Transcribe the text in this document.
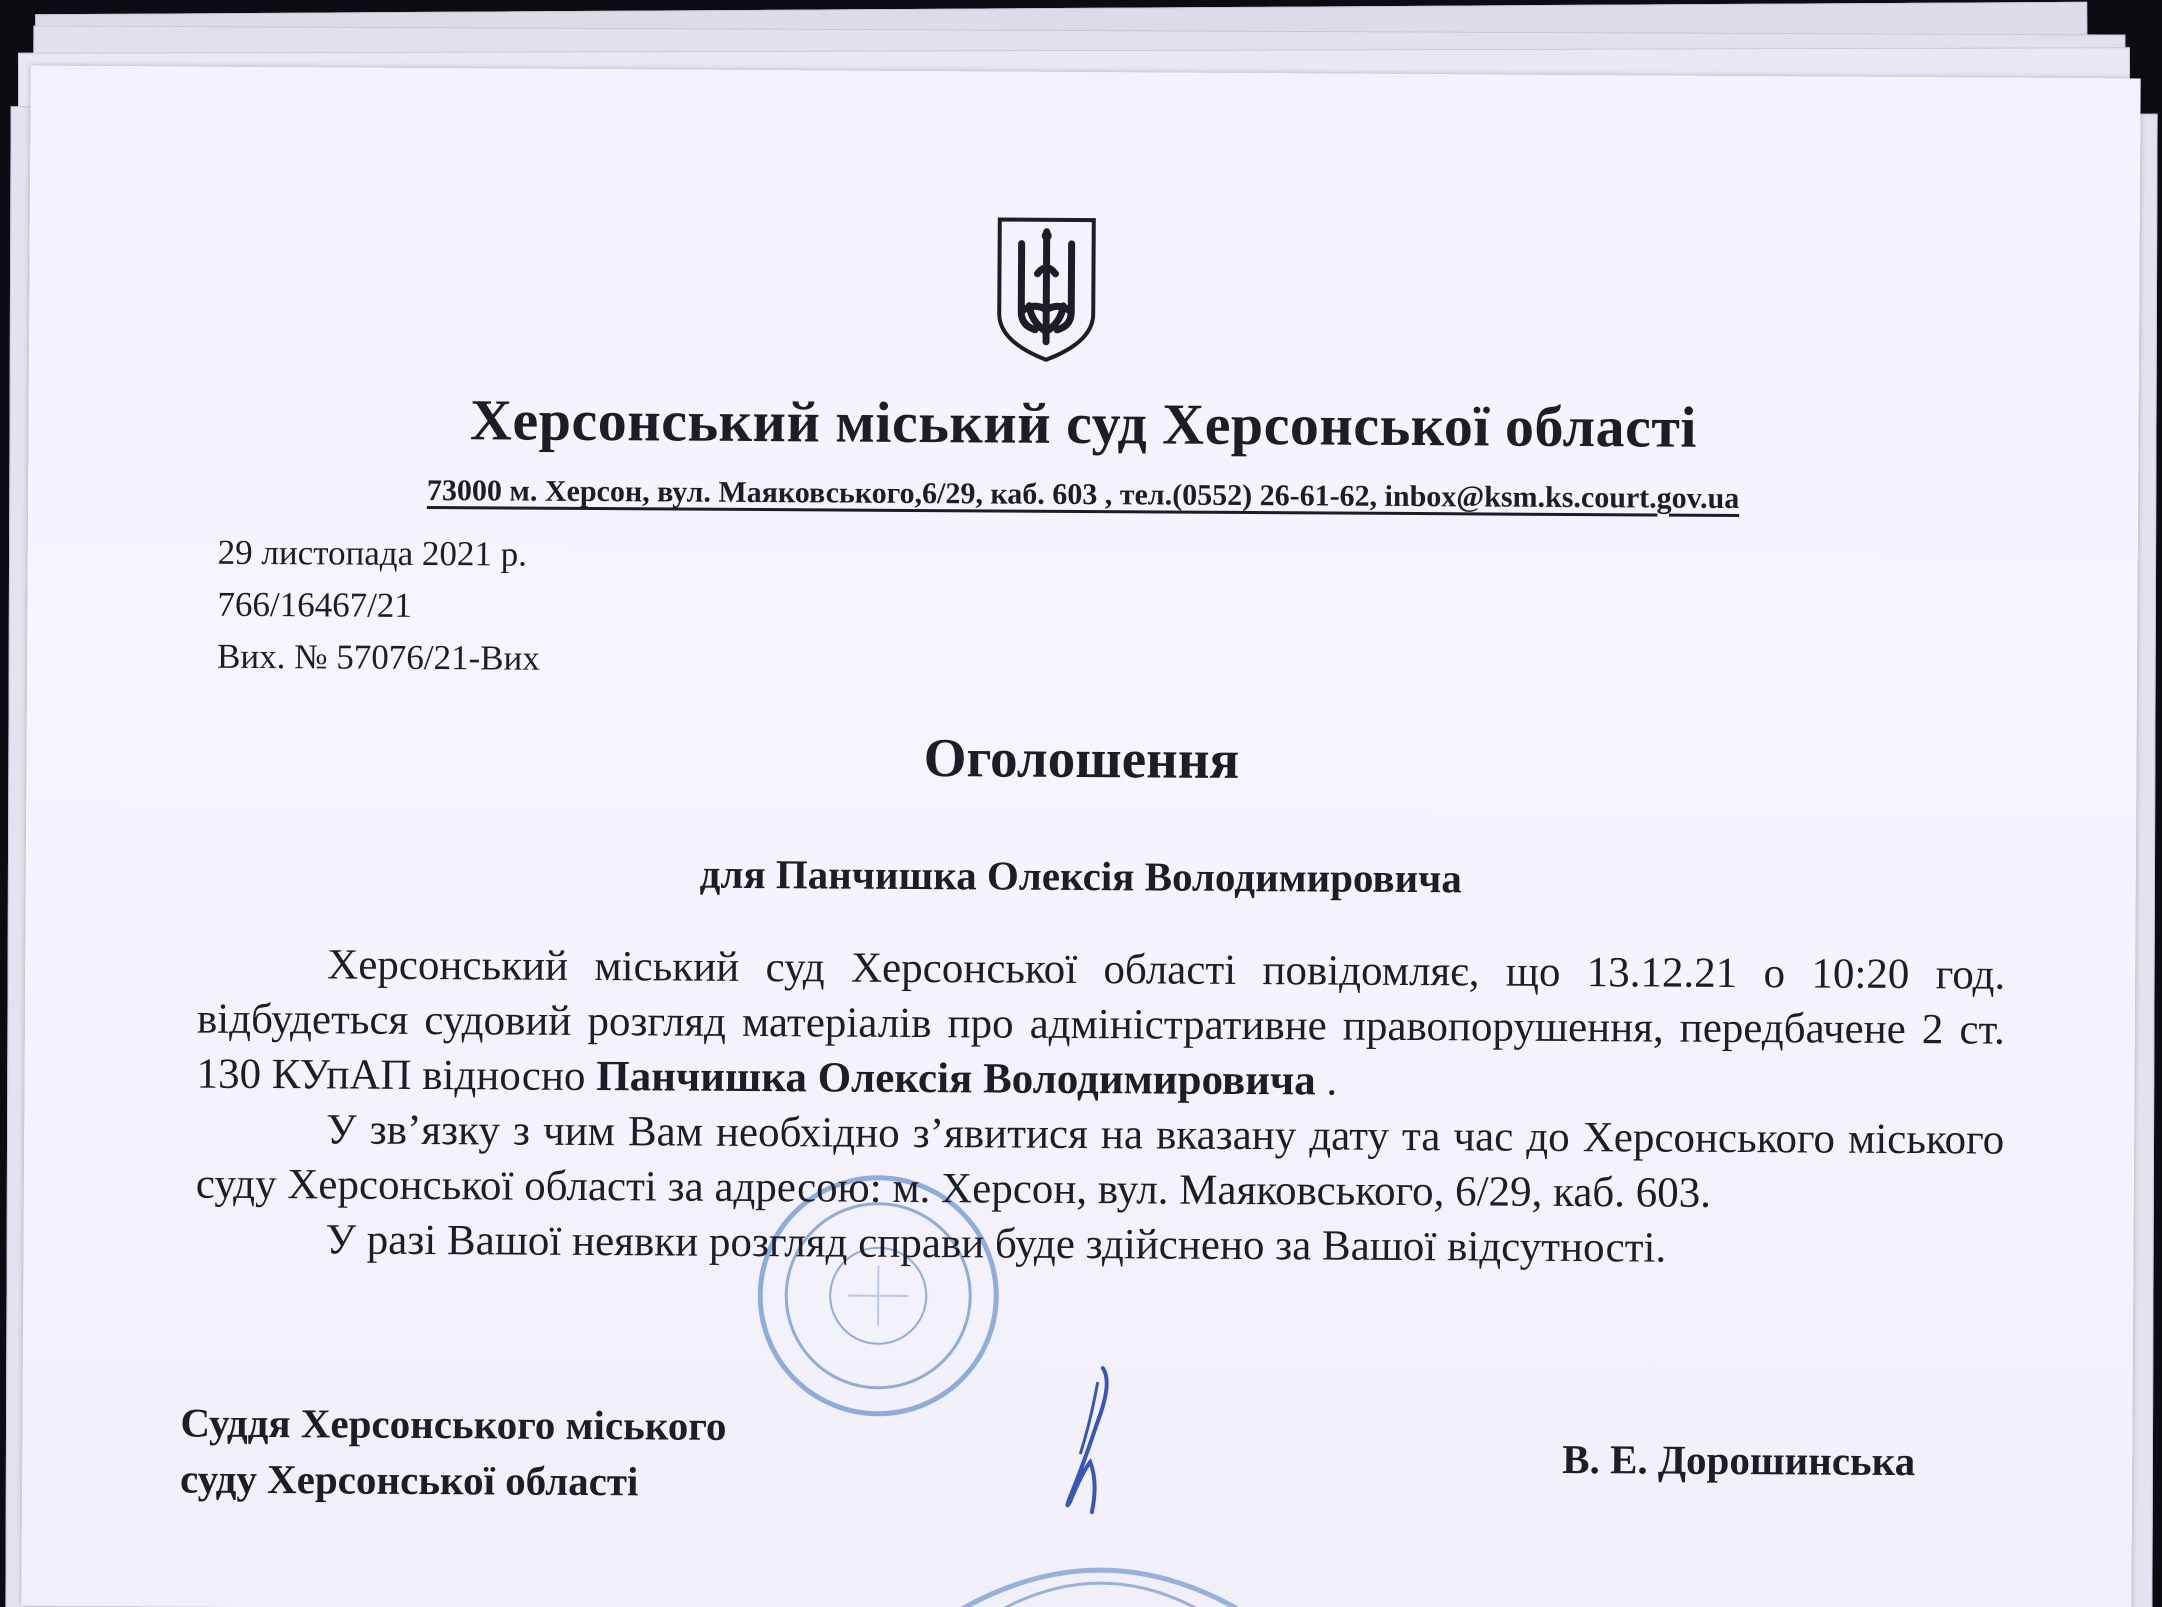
Херсонський міський суд Херсонської області
73000 м. Херсон, вул. Маяковського,6/29, каб. 603 , тел.(0552) 26-61-62, inbox@ksm.ks.court.gov.ua
29 листопада 2021 р.
766/16467/21
Вих. № 57076/21-Вих
Оголошення
для Панчишка Олексія Володимировича

Херсонський міський суд Херсонської області повідомляє, що 13.12.21 о 10:20 год. відбудеться судовий розгляд матеріалів про адміністративне правопорушення, передбачене 2 ст. 130 КУпАП відносно Панчишка Олексія Володимировича .

У зв’язку з чим Вам необхідно з’явитися на вказану дату та час до Херсонського міського суду Херсонської області за адресою: м. Херсон, вул. Маяковського, 6/29, каб. 603.

У разі Вашої неявки розгляд справи буде здійснено за Вашої відсутності.

Суддя Херсонського міського
суду Херсонської області	В. Е. Дорошинська
